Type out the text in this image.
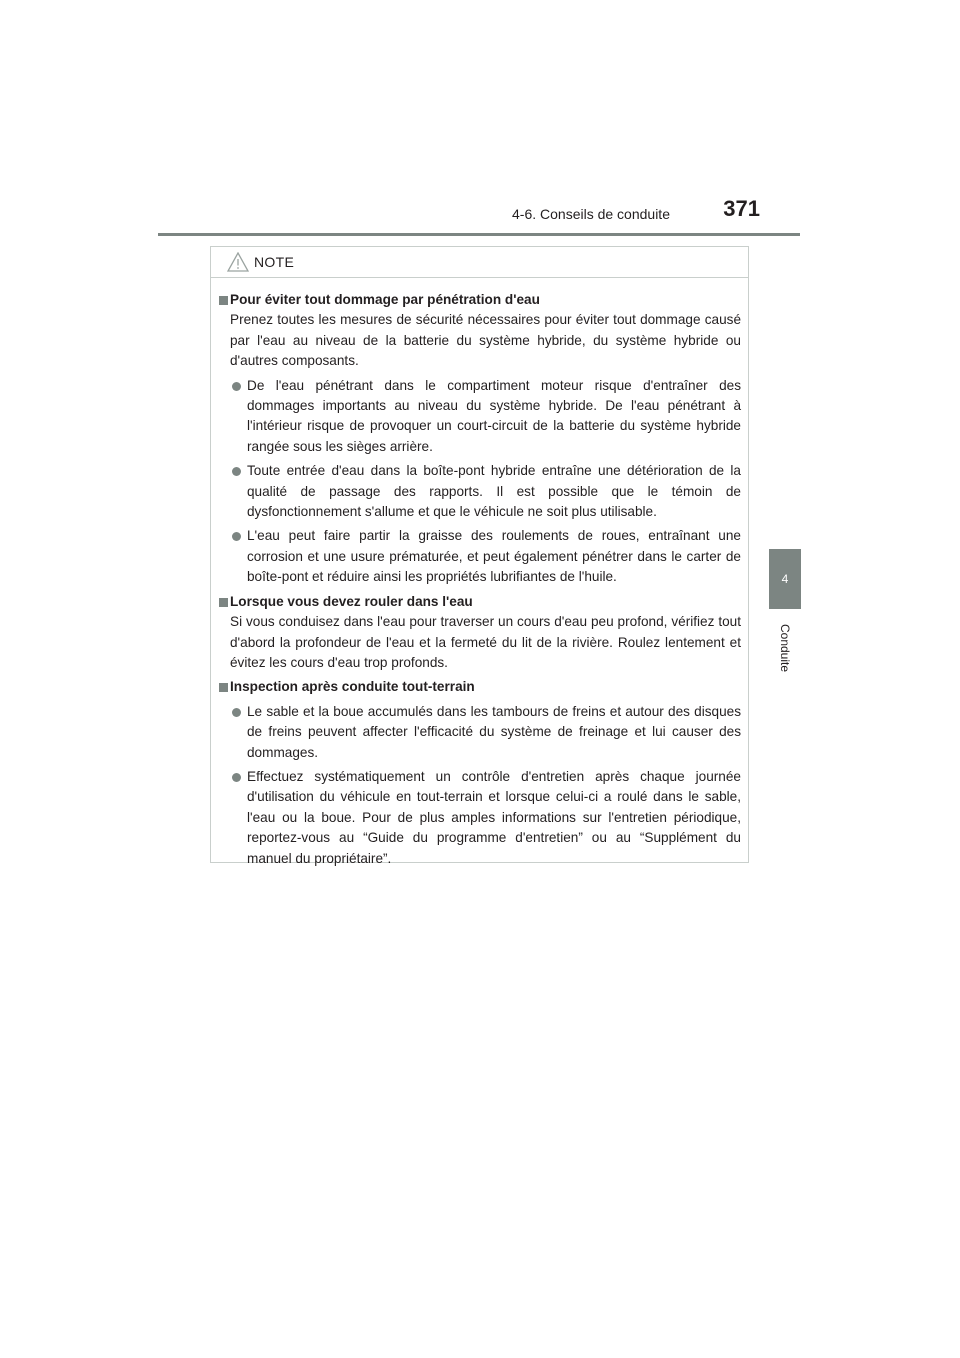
4-6. Conseils de conduite	371
4
Conduite
NOTE
Pour éviter tout dommage par pénétration d'eau
Prenez toutes les mesures de sécurité nécessaires pour éviter tout dommage causé par l'eau au niveau de la batterie du système hybride, du système hybride ou d'autres composants.
De l'eau pénétrant dans le compartiment moteur risque d'entraîner des dommages importants au niveau du système hybride. De l'eau pénétrant à l'intérieur risque de provoquer un court-circuit de la batterie du système hybride rangée sous les sièges arrière.
Toute entrée d'eau dans la boîte-pont hybride entraîne une détérioration de la qualité de passage des rapports. Il est possible que le témoin de dysfonctionnement s'allume et que le véhicule ne soit plus utilisable.
L'eau peut faire partir la graisse des roulements de roues, entraînant une corrosion et une usure prématurée, et peut également pénétrer dans le carter de boîte-pont et réduire ainsi les propriétés lubrifiantes de l'huile.
Lorsque vous devez rouler dans l'eau
Si vous conduisez dans l'eau pour traverser un cours d'eau peu profond, vérifiez tout d'abord la profondeur de l'eau et la fermeté du lit de la rivière. Roulez lentement et évitez les cours d'eau trop profonds.
Inspection après conduite tout-terrain
Le sable et la boue accumulés dans les tambours de freins et autour des disques de freins peuvent affecter l'efficacité du système de freinage et lui causer des dommages.
Effectuez systématiquement un contrôle d'entretien après chaque journée d'utilisation du véhicule en tout-terrain et lorsque celui-ci a roulé dans le sable, l'eau ou la boue. Pour de plus amples informations sur l'entretien périodique, reportez-vous au “Guide du programme d'entretien” ou au “Supplément du manuel du propriétaire”.
